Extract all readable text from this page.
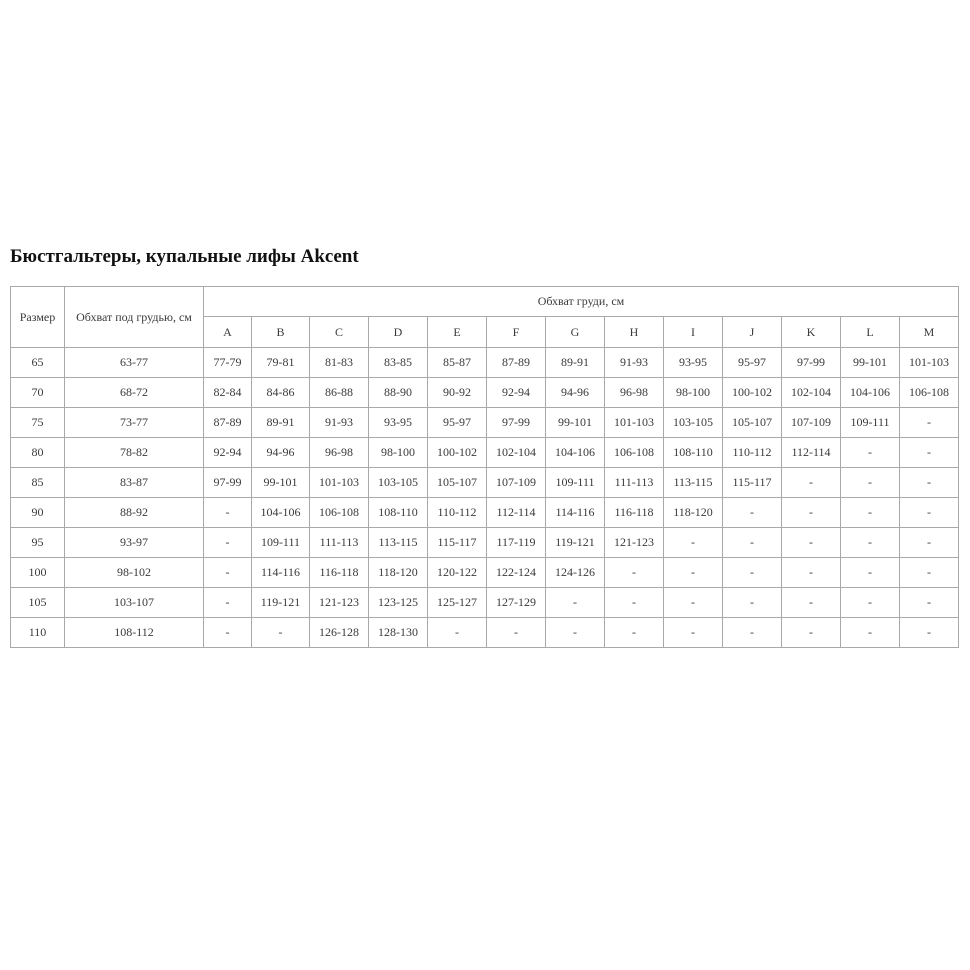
Бюстгальтеры, купальные лифы Akcent
Размер	Обхват под грудью, см	Обхват груди, см												
		A	B	C	D	E	F	G	H	I	J	K	L	M
65	63-77	77-79	79-81	81-83	83-85	85-87	87-89	89-91	91-93	93-95	95-97	97-99	99-101	101-103
70	68-72	82-84	84-86	86-88	88-90	90-92	92-94	94-96	96-98	98-100	100-102	102-104	104-106	106-108
75	73-77	87-89	89-91	91-93	93-95	95-97	97-99	99-101	101-103	103-105	105-107	107-109	109-111	-
80	78-82	92-94	94-96	96-98	98-100	100-102	102-104	104-106	106-108	108-110	110-112	112-114	-	-
85	83-87	97-99	99-101	101-103	103-105	105-107	107-109	109-111	111-113	113-115	115-117	-	-	-
90	88-92	-	104-106	106-108	108-110	110-112	112-114	114-116	116-118	118-120	-	-	-	-
95	93-97	-	109-111	111-113	113-115	115-117	117-119	119-121	121-123	-	-	-	-	-
100	98-102	-	114-116	116-118	118-120	120-122	122-124	124-126	-	-	-	-	-	-
105	103-107	-	119-121	121-123	123-125	125-127	127-129	-	-	-	-	-	-	-
110	108-112	-	-	126-128	128-130	-	-	-	-	-	-	-	-	-
